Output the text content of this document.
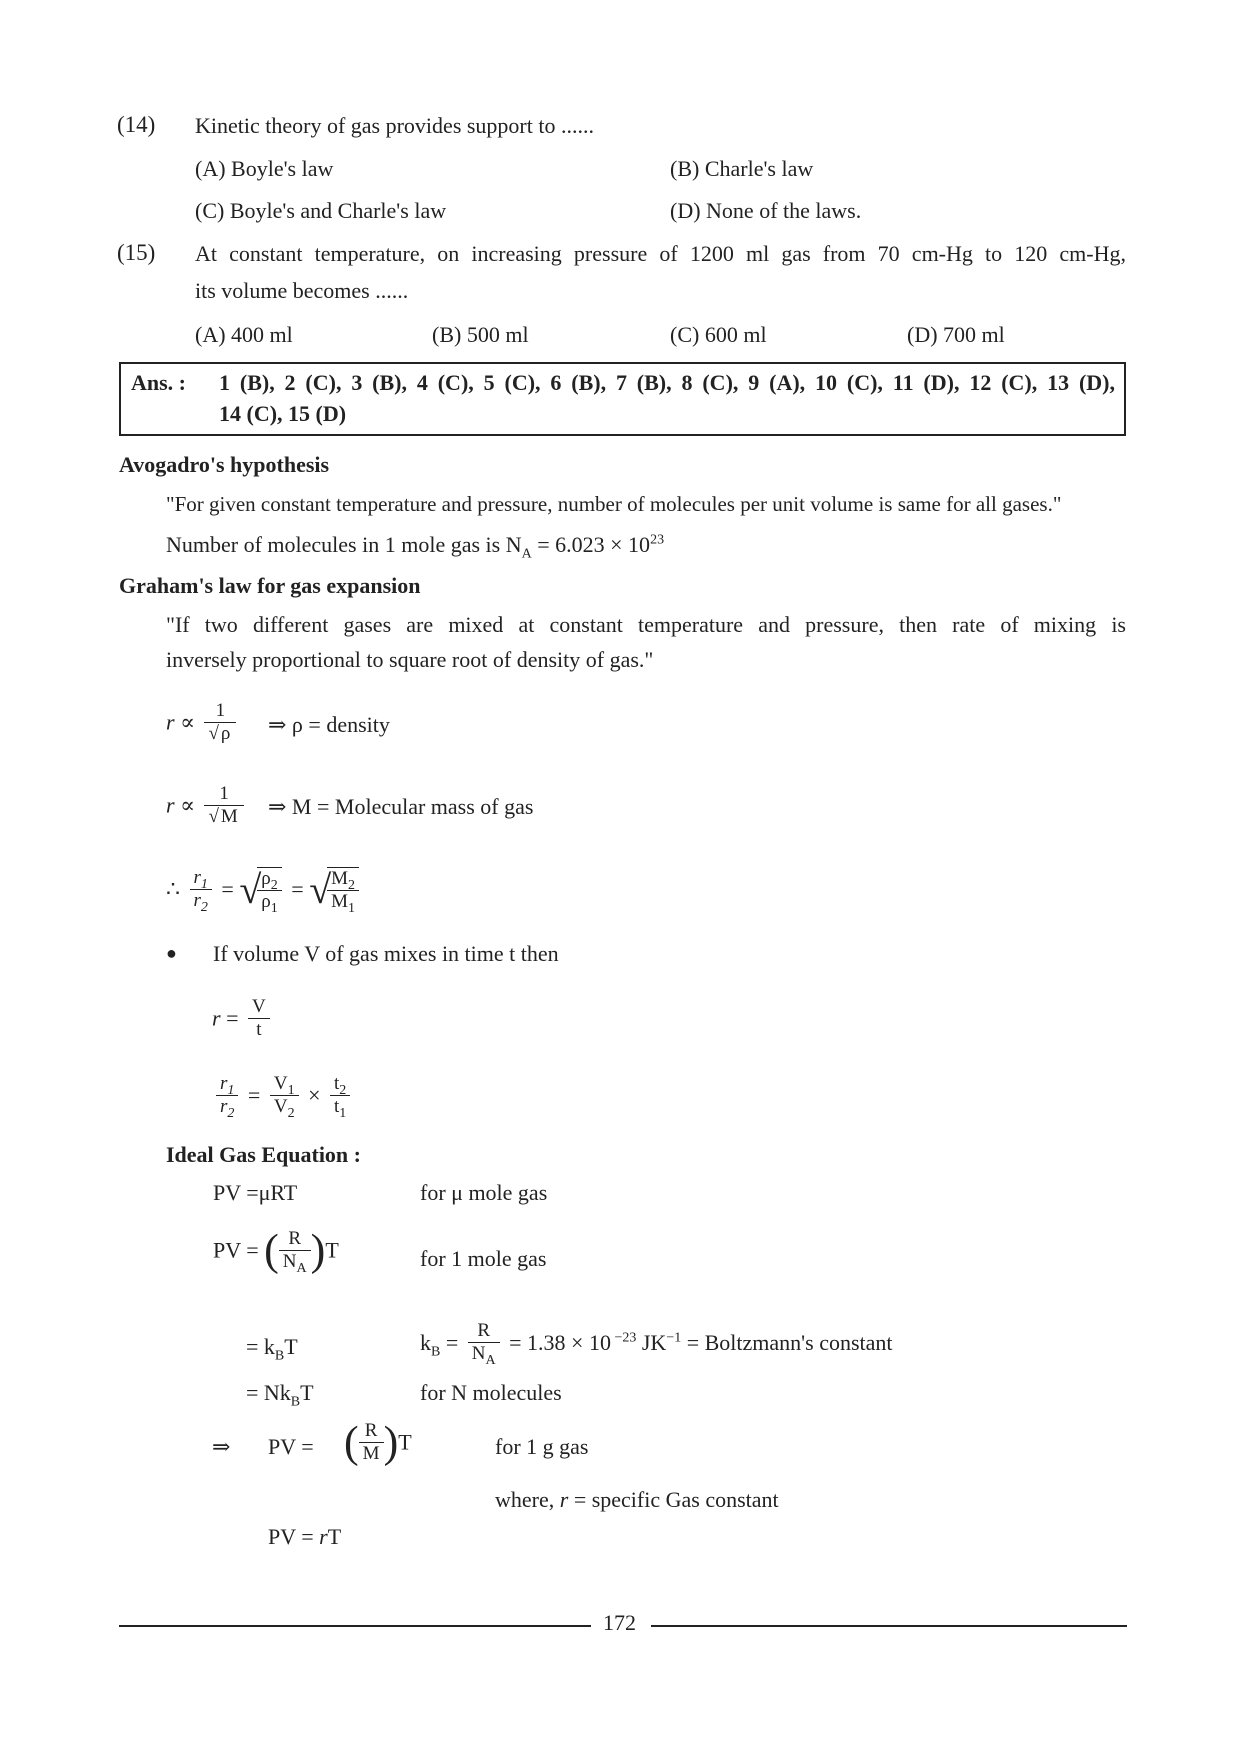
(14) Kinetic theory of gas provides support to ......
(A) Boyle's law	(B) Charle's law
(C) Boyle's and Charle's law	(D) None of the laws.
(15) At constant temperature, on increasing pressure of 1200 ml gas from 70 cm-Hg to 120 cm-Hg,
its volume becomes ......
(A) 400 ml	(B) 500 ml	(C) 600 ml	(D) 700 ml
Ans. : 1 (B), 2 (C), 3 (B), 4 (C), 5 (C), 6 (B), 7 (B), 8 (C), 9 (A), 10 (C), 11 (D), 12 (C), 13 (D),
14 (C), 15 (D)
Avogadro's hypothesis
"For given constant temperature and pressure, number of molecules per unit volume is same for all gases."
Number of molecules in 1 mole gas is $N_A = 6.023 \times 10^{23}$
Graham's law for gas expansion
"If two different gases are mixed at constant temperature and pressure, then rate of mixing is
inversely proportional to square root of density of gas."
$r \propto \frac{1}{√ \rho}$ ⇒ ρ = density
$r \propto \frac{1}{√ M}$ ⇒ M = Molecular mass of gas
∴ $\frac{r_1}{r_2}$ = √
$\frac{\rho_2}{\rho_1}$ = √
$\frac{M_2}{M_1}$
● If volume V of gas mixes in time t then
$r = \frac{V}{t}$
$\frac{r_1}{r_2} = \frac{V_1}{V_2} \times \frac{t_2}{t_1}$
Ideal Gas Equation :
PV =μRT	for μ mole gas
PV = ( $\frac{R}{N_A} )T$	for 1 mole gas
= $k_BT$	$k_B = \frac{R}{N_A} = 1.38 \times 10$ $^{-23}$ $JK^{-1}$ = Boltzmann's constant
= $Nk_BT$	for N molecules
⇒ PV = ( $\frac{R}{M} )T$	for 1 g gas
where, r = specific Gas constant
PV = rT
172
